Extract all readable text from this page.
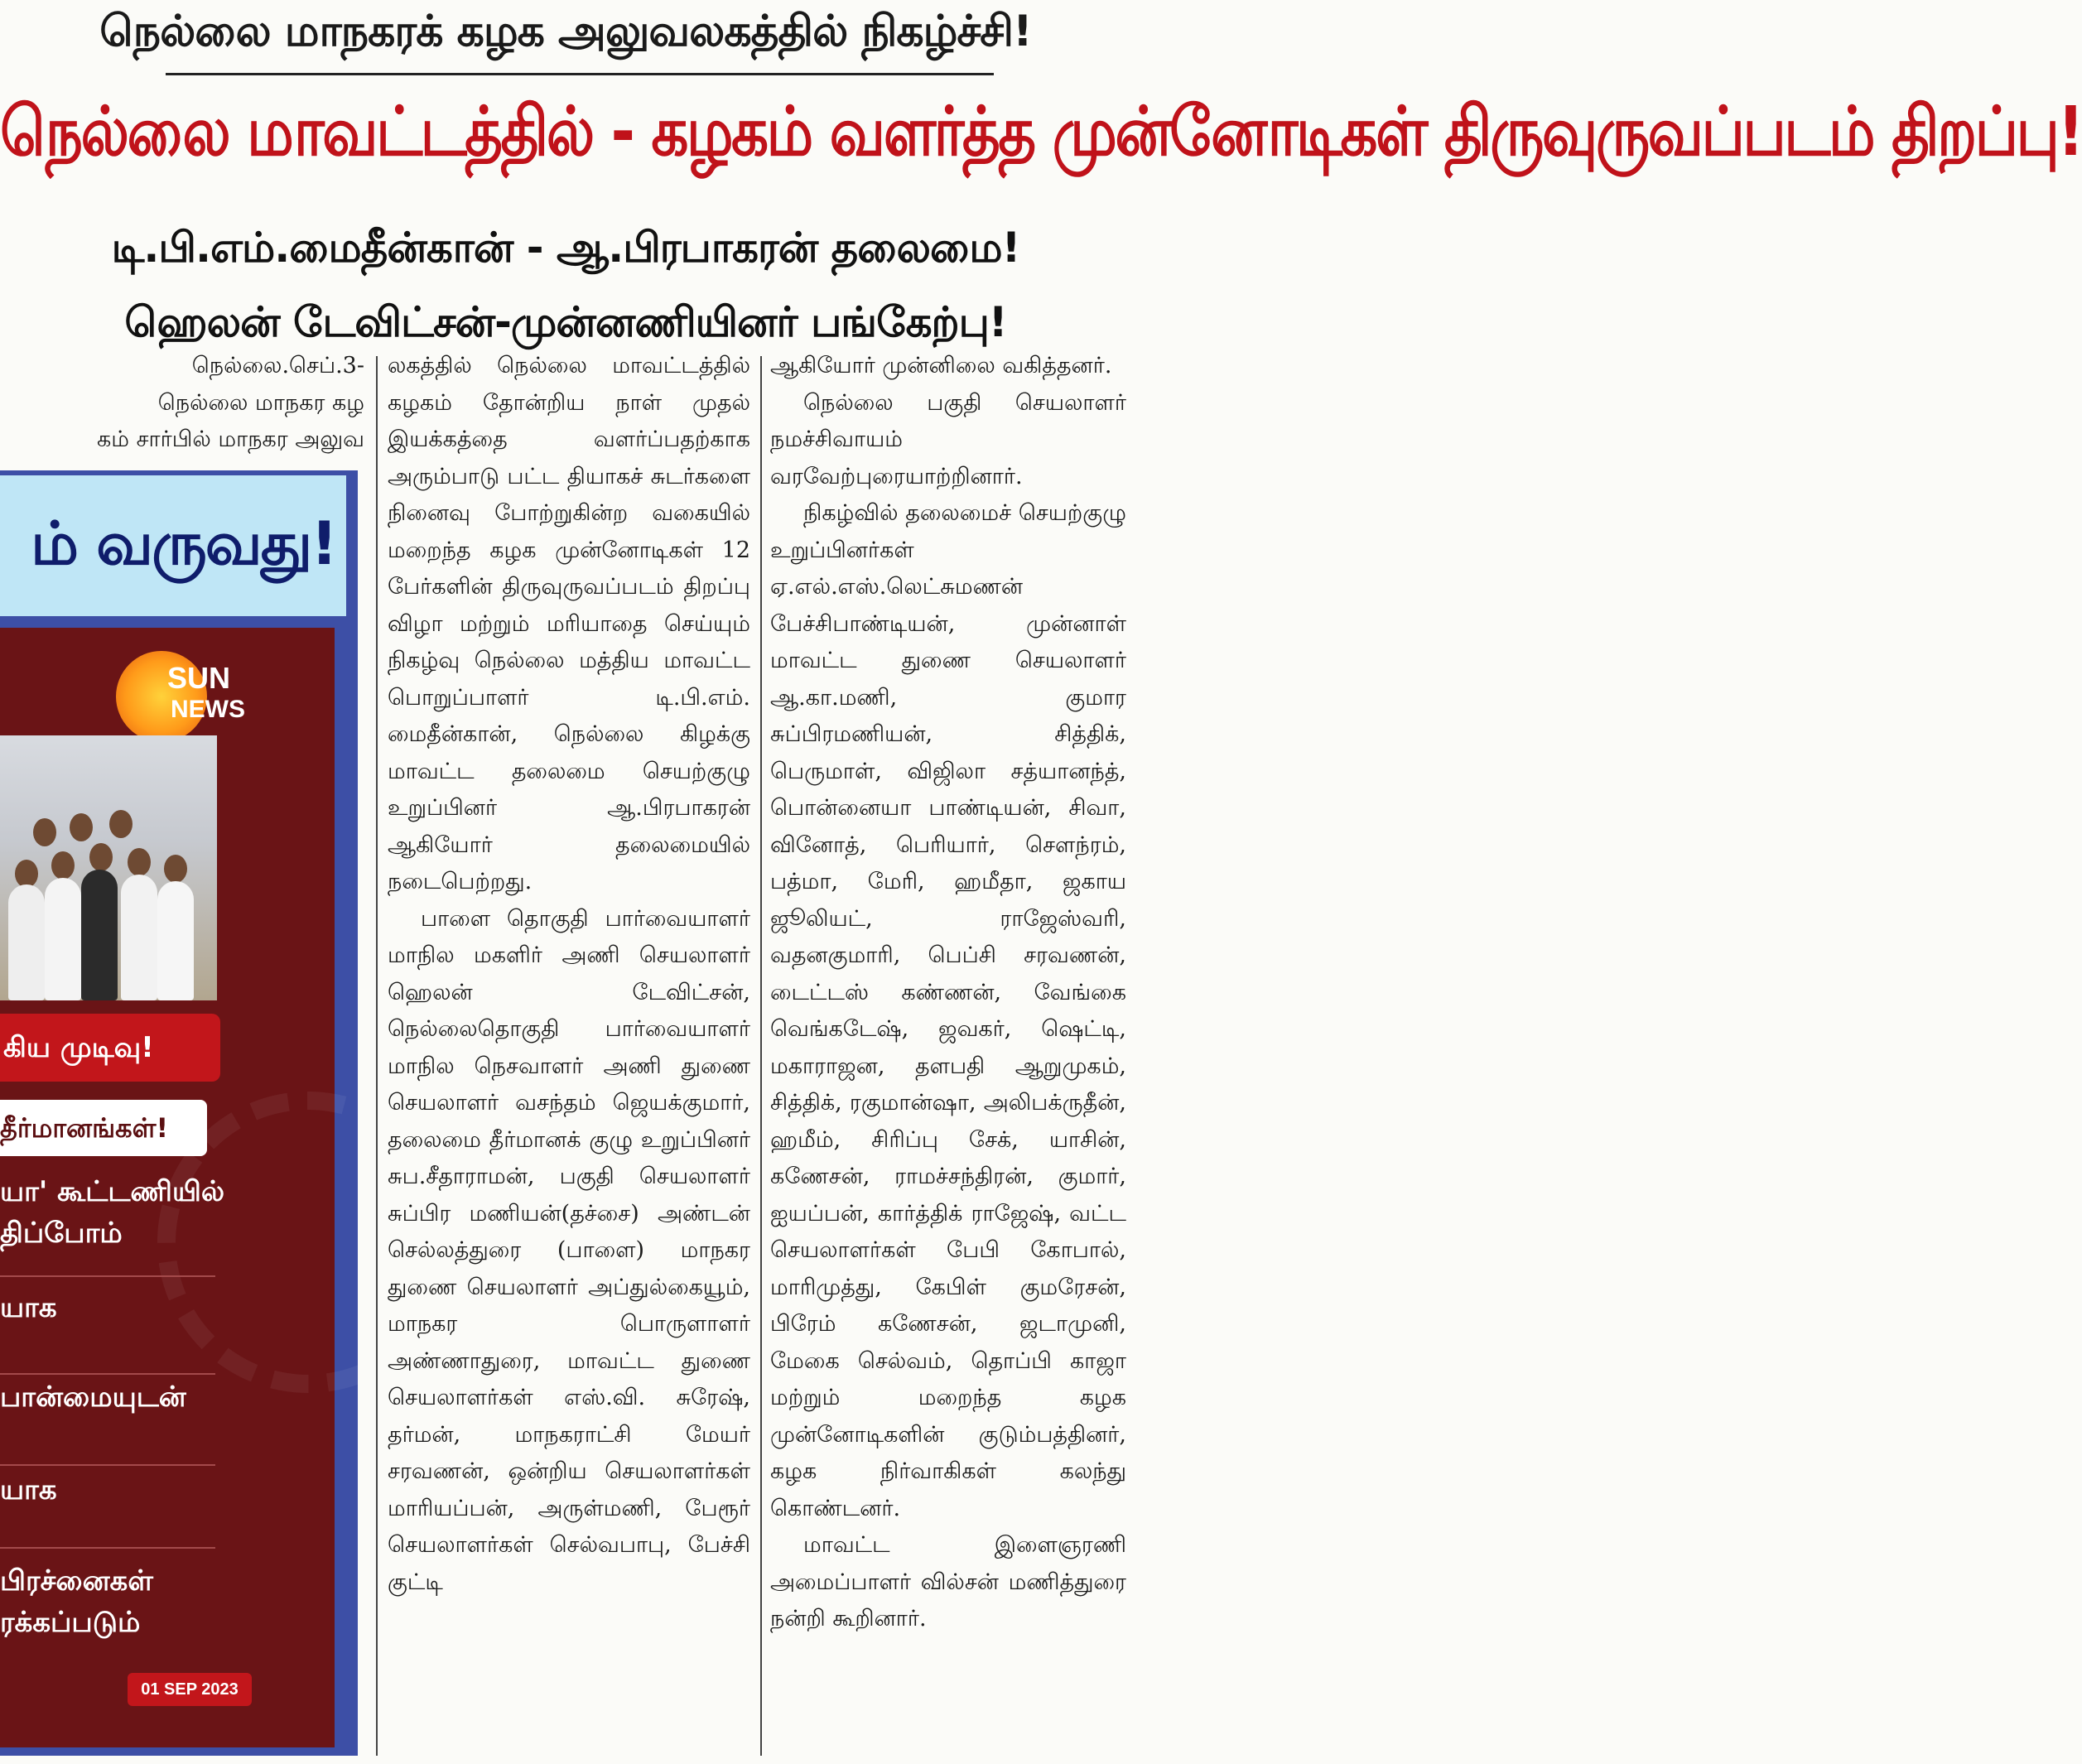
நெல்லை மாநகரக் கழக அலுவலகத்தில் நிகழ்ச்சி!
நெல்லை மாவட்டத்தில் - கழகம் வளர்த்த முன்னோடிகள் திருவுருவப்படம் திறப்பு!
டி.பி.எம்.மைதீன்கான் - ஆ.பிரபாகரன் தலைமை!
ஹெலன் டேவிட்சன்-முன்னணியினர் பங்கேற்பு!

நெல்லை.செப்.3-

நெல்லை மாநகர கழ

கம் சார்பில் மாநகர அலுவ

ம் வருவது!
SUN
NEWS
கிய முடிவு!
தீர்மானங்கள்!
யா' கூட்டணியில்
திப்போம்
யாக
பான்மையுடன்
யாக
பிரச்னைகள்
ரக்கப்படும்
01 SEP 2023

லகத்தில் நெல்லை மாவட்டத்தில் கழகம் தோன்றிய நாள் முதல் இயக்கத்தை வளர்ப்பதற்காக அரும்பாடு பட்ட தியாகச் சுடர்களை நினைவு போற்றுகின்ற வகையில் மறைந்த கழக முன்னோடிகள் 12 பேர்களின் திருவுருவப்படம் திறப்பு விழா மற்றும் மரியாதை செய்யும் நிகழ்வு நெல்லை மத்திய மாவட்ட பொறுப்பாளர் டி.பி.எம். மைதீன்கான், நெல்லை கிழக்கு மாவட்ட தலைமை செயற்குழு உறுப்பினர் ஆ.பிரபாகரன் ஆகியோர் தலைமையில் நடைபெற்றது.

பாளை தொகுதி பார்வையாளர் மாநில மகளிர் அணி செயலாளர் ஹெலன் டேவிட்சன், நெல்லைதொகுதி பார்வையாளர் மாநில நெசவாளர் அணி துணை செயலாளர் வசந்தம் ஜெயக்குமார், தலைமை தீர்மானக் குழு உறுப்பினர் சுப.சீதாராமன், பகுதி செயலாளர் சுப்பிர மணியன்(தச்சை) அண்டன் செல்லத்துரை (பாளை) மாநகர துணை செயலாளர் அப்துல்கையூம், மாநகர பொருளாளர் அண்ணாதுரை, மாவட்ட துணை செயலாளர்கள் எஸ்.வி. சுரேஷ், தர்மன், மாநகராட்சி மேயர் சரவணன், ஒன்றிய செயலாளர்கள் மாரியப்பன், அருள்மணி, பேரூர் செயலாளர்கள் செல்வபாபு, பேச்சி குட்டி

ஆகியோர் முன்னிலை வகித்தனர்.

நெல்லை பகுதி செயலாளர் நமச்சிவாயம் வரவேற்புரையாற்றினார்.

நிகழ்வில் தலைமைச் செயற்குழு உறுப்பினர்கள் ஏ.எல்.எஸ்.லெட்சுமணன் பேச்சிபாண்டியன், முன்னாள் மாவட்ட துணை செயலாளர் ஆ.கா.மணி, குமார சுப்பிரமணியன், சித்திக், பெருமாள், விஜிலா சத்யானந்த், பொன்னையா பாண்டியன், சிவா, வினோத், பெரியார், சௌந்ரம், பத்மா, மேரி, ஹமீதா, ஜகாய ஜூலியட், ராஜேஸ்வரி, வதனகுமாரி, பெப்சி சரவணன், டைட்டஸ் கண்ணன், வேங்கை வெங்கடேஷ், ஜவகர், ஷெட்டி, மகாராஜன, தளபதி ஆறுமுகம், சித்திக், ரகுமான்ஷா, அலிபக்ருதீன், ஹமீம், சிரிப்பு சேக், யாசின், கணேசன், ராமச்சந்திரன், குமார், ஐயப்பன், கார்த்திக் ராஜேஷ், வட்ட செயலாளர்கள் பேபி கோபால், மாரிமுத்து, கேபிள் குமரேசன், பிரேம் கணேசன், ஜடாமுனி, மேகை செல்வம், தொப்பி காஜா மற்றும் மறைந்த கழக முன்னோடிகளின் குடும்பத்தினர், கழக நிர்வாகிகள் கலந்து கொண்டனர்.

மாவட்ட இளைஞரணி அமைப்பாளர் வில்சன் மணித்துரை நன்றி கூறினார்.
